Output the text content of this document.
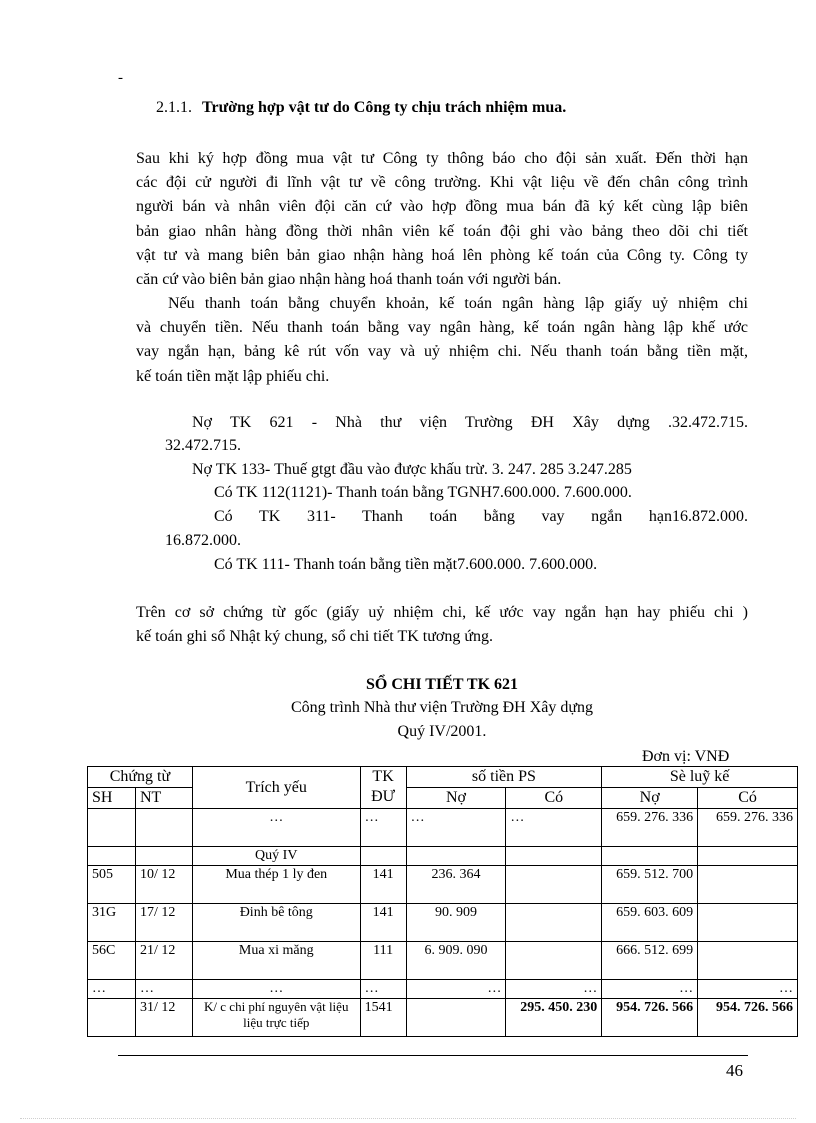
-
2.1.1. Trường hợp vật tư do Công ty chịu trách nhiệm mua.
Sau khi ký hợp đồng mua vật tư Công ty thông báo cho đội sản xuất. Đến thời hạn
các đội cử người đi lĩnh vật tư về công trường. Khi vật liệu về đến chân công trình
người bán và nhân viên đội căn cứ vào hợp đồng mua bán đã ký kết cùng lập biên
bản giao nhân hàng đồng thời nhân viên kế toán đội ghi vào bảng theo dõi chi tiết
vật tư và mang biên bản giao nhận hàng hoá lên phòng kế toán của Công ty. Công ty
căn cứ vào biên bản giao nhận hàng hoá thanh toán với người bán.
Nếu thanh toán bằng chuyển khoản, kế toán ngân hàng lập giấy uỷ nhiệm chi
và chuyển tiền. Nếu thanh toán bằng vay ngân hàng, kế toán ngân hàng lập khế ước
vay ngắn hạn, bảng kê rút vốn vay và uỷ nhiệm chi. Nếu thanh toán bằng tiền mặt,
kế toán tiền mặt lập phiếu chi.
Nợ TK 621 - Nhà thư viện Trường ĐH Xây dựng .32.472.715.
32.472.715.
Nợ TK 133- Thuế gtgt đầu vào được khấu trừ. 3. 247. 285 3.247.285
Có TK 112(1121)- Thanh toán bằng TGNH7.600.000. 7.600.000.
Có TK 311- Thanh toán bằng vay ngắn hạn16.872.000.
16.872.000.
Có TK 111- Thanh toán bằng tiền mặt7.600.000. 7.600.000.
Trên cơ sở chứng từ gốc (giấy uỷ nhiệm chi, kế ước vay ngắn hạn hay phiếu chi )
kế toán ghi sổ Nhật ký chung, sổ chi tiết TK tương ứng.
SỔ CHI TIẾT TK 621
Công trình Nhà thư viện Trường ĐH Xây dựng
Quý IV/2001.
Đơn vị: VNĐ
Chứng từ		Trích yếu	TK ĐƯ	số tiền PS		Sè luỹ kế	
SH	NT			Nợ	Có	Nợ	Có
		…	…	…	…	659. 276. 336	659. 276. 336
		Quý IV					
505	10/ 12	Mua thép 1 ly đen	141	236. 364		659. 512. 700	
31G	17/ 12	Đinh bê tông	141	90. 909		659. 603. 609	
56C	21/ 12	Mua xi măng	111	6. 909. 090		666. 512. 699	
…	…	…	…	…	…	…	…
	31/ 12	K/ c chi phí nguyên vật liệu liệu trực tiếp	1541		295. 450. 230	954. 726. 566	954. 726. 566
46
